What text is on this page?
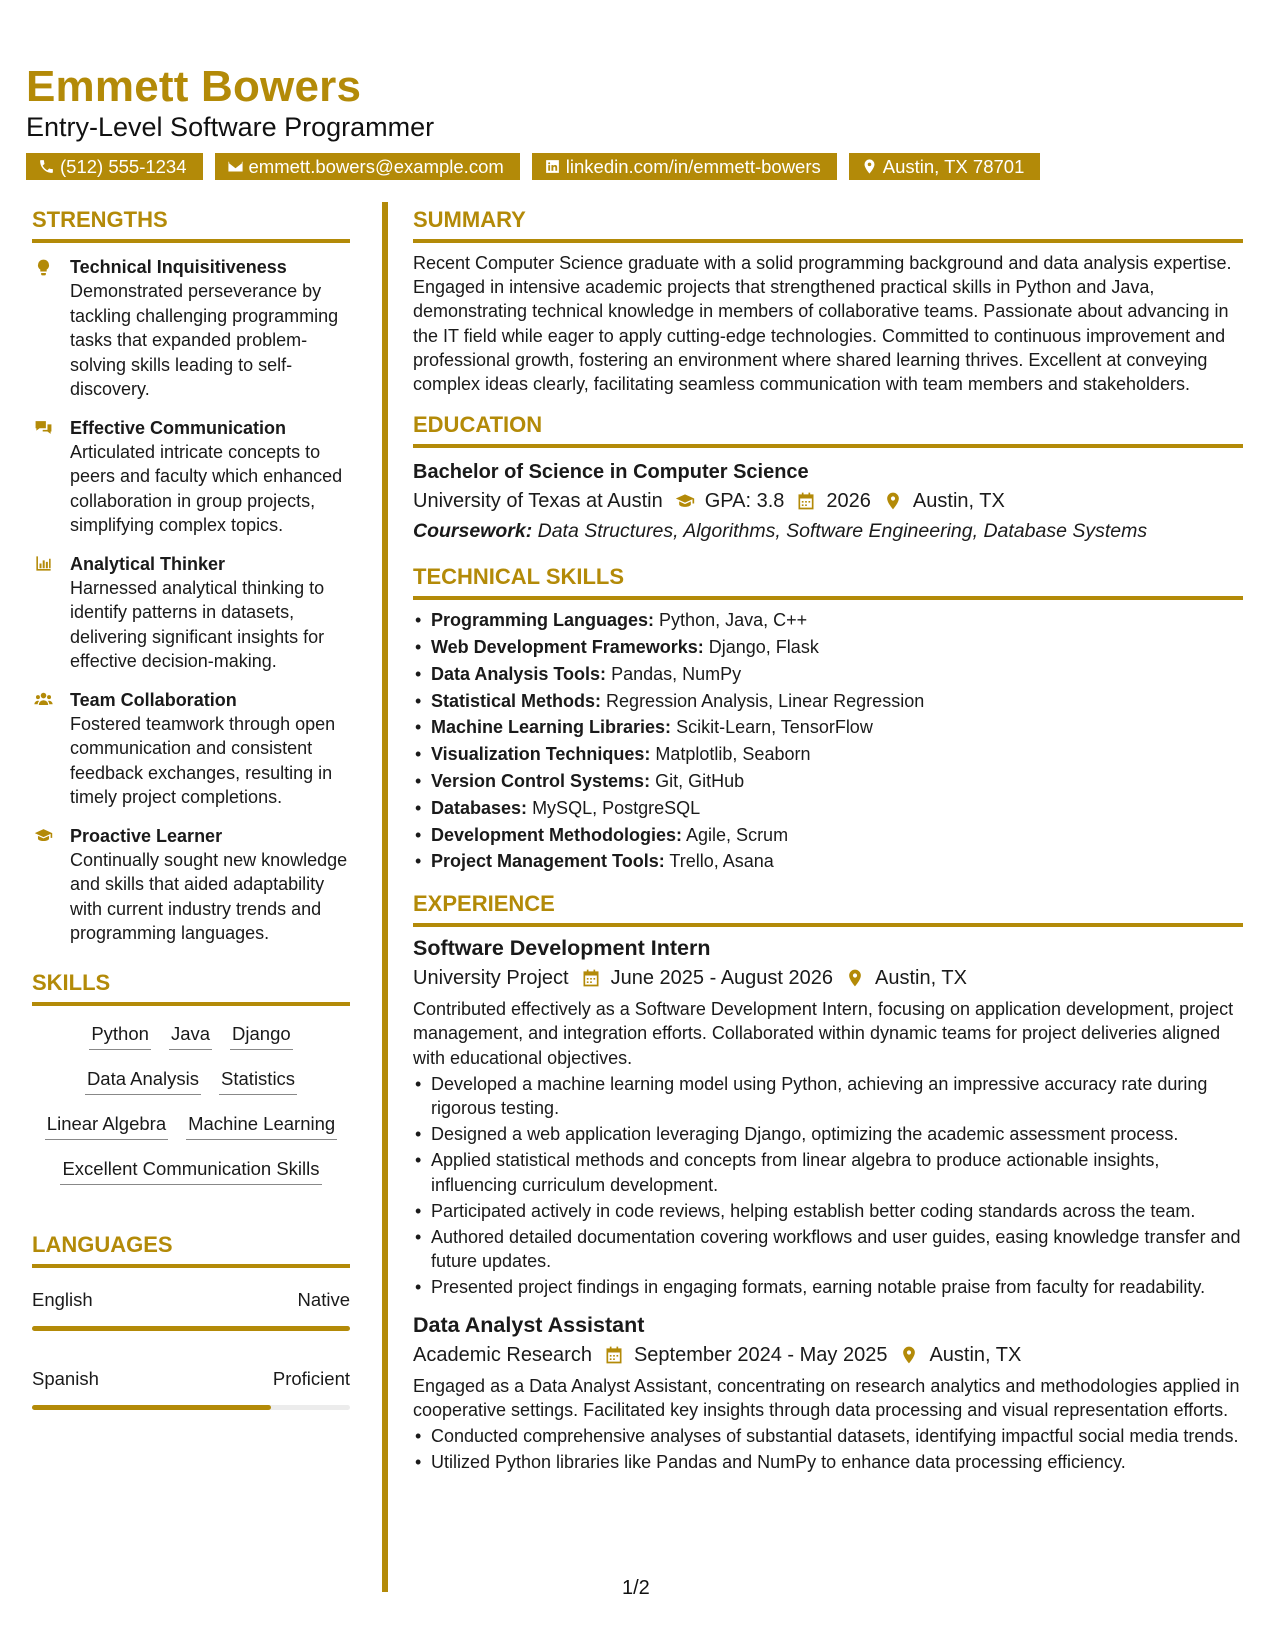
Emmett Bowers
Entry-Level Software Programmer
(512) 555-1234	emmett.bowers@example.com	linkedin.com/in/emmett-bowers	Austin, TX 78701
STRENGTHS
Technical Inquisitiveness
Demonstrated perseverance by tackling challenging programming tasks that expanded problem-solving skills leading to self-discovery.
Effective Communication
Articulated intricate concepts to peers and faculty which enhanced collaboration in group projects, simplifying complex topics.
Analytical Thinker
Harnessed analytical thinking to identify patterns in datasets, delivering significant insights for effective decision-making.
Team Collaboration
Fostered teamwork through open communication and consistent feedback exchanges, resulting in timely project completions.
Proactive Learner
Continually sought new knowledge and skills that aided adaptability with current industry trends and programming languages.
SKILLS
Python Java Django
Data Analysis Statistics
Linear Algebra Machine Learning
Excellent Communication Skills
LANGUAGES
English	Native
Spanish	Proficient
SUMMARY
Recent Computer Science graduate with a solid programming background and data analysis expertise. Engaged in intensive academic projects that strengthened practical skills in Python and Java, demonstrating technical knowledge in members of collaborative teams. Passionate about advancing in the IT field while eager to apply cutting-edge technologies. Committed to continuous improvement and professional growth, fostering an environment where shared learning thrives. Excellent at conveying complex ideas clearly, facilitating seamless communication with team members and stakeholders.
EDUCATION
Bachelor of Science in Computer Science
University of Texas at Austin GPA: 3.8 2026 Austin, TX
Coursework: Data Structures, Algorithms, Software Engineering, Database Systems
TECHNICAL SKILLS
• Programming Languages: Python, Java, C++
• Web Development Frameworks: Django, Flask
• Data Analysis Tools: Pandas, NumPy
• Statistical Methods: Regression Analysis, Linear Regression
• Machine Learning Libraries: Scikit-Learn, TensorFlow
• Visualization Techniques: Matplotlib, Seaborn
• Version Control Systems: Git, GitHub
• Databases: MySQL, PostgreSQL
• Development Methodologies: Agile, Scrum
• Project Management Tools: Trello, Asana
EXPERIENCE
Software Development Intern
University Project June 2025 - August 2026 Austin, TX
Contributed effectively as a Software Development Intern, focusing on application development, project management, and integration efforts. Collaborated within dynamic teams for project deliveries aligned with educational objectives.
• Developed a machine learning model using Python, achieving an impressive accuracy rate during rigorous testing.
• Designed a web application leveraging Django, optimizing the academic assessment process.
• Applied statistical methods and concepts from linear algebra to produce actionable insights, influencing curriculum development.
• Participated actively in code reviews, helping establish better coding standards across the team.
• Authored detailed documentation covering workflows and user guides, easing knowledge transfer and future updates.
• Presented project findings in engaging formats, earning notable praise from faculty for readability.
Data Analyst Assistant
Academic Research September 2024 - May 2025 Austin, TX
Engaged as a Data Analyst Assistant, concentrating on research analytics and methodologies applied in cooperative settings. Facilitated key insights through data processing and visual representation efforts.
• Conducted comprehensive analyses of substantial datasets, identifying impactful social media trends.
• Utilized Python libraries like Pandas and NumPy to enhance data processing efficiency.
1/2
